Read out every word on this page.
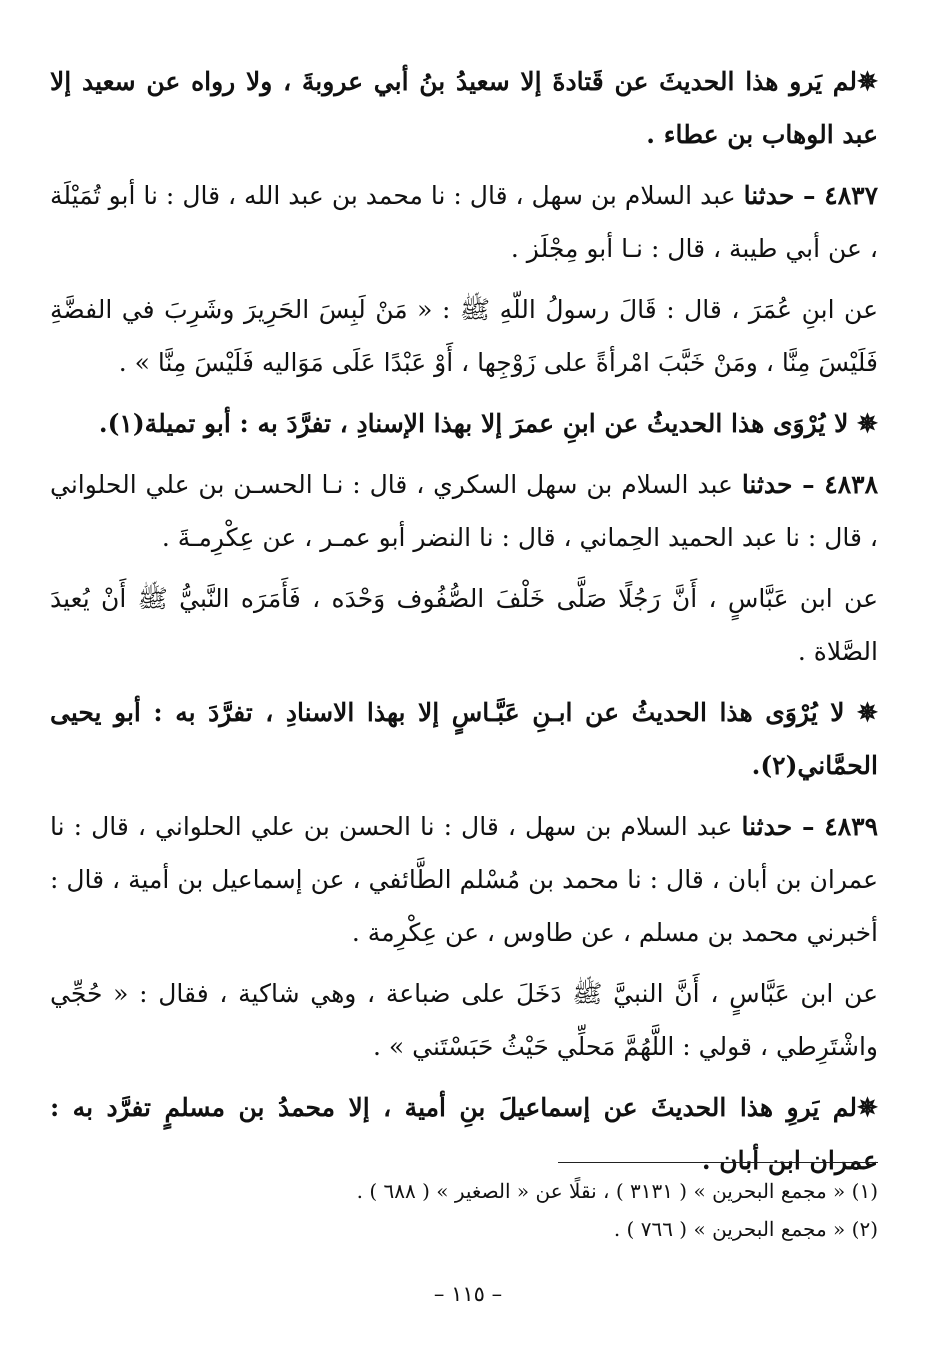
✵لم يَرو هذا الحديثَ عن قَتادةَ إلا سعيدُ بنُ أبي عروبةَ ، ولا رواه عن سعيد إلا عبد الوهاب بن عطاء .

٤٨٣٧ – حدثنا عبد السلام بن سهل ، قال : نا محمد بن عبد الله ، قال : نا أبو تُمَيْلَة ، عن أبي طيبة ، قال : نـا أبو مِجْلَز .

عن ابنِ عُمَرَ ، قال : قَالَ رسولُ اللّهِ ﷺ : « مَنْ لَبِسَ الحَرِيرَ وشَرِبَ في الفضَّةِ فَلَيْسَ مِنَّا ، ومَنْ خَبَّبَ امْرأةً على زَوْجِها ، أَوْ عَبْدًا عَلَى مَوَاليه فَلَيْسَ مِنَّا » .

✵ لا يُرْوَى هذا الحديثُ عن ابنِ عمرَ إلا بهذا الإسنادِ ، تفرَّدَ به : أبو تميلة(١).

٤٨٣٨ – حدثنا عبد السلام بن سهل السكري ، قال : نـا الحسـن بن علي الحلواني ، قال : نا عبد الحميد الحِماني ، قال : نا النضر أبو عمـر ، عن عِكْرِمـةَ .

عن ابن عَبَّاسٍ ، أَنَّ رَجُلًا صَلَّى خَلْفَ الصُّفُوف وَحْدَه ، فَأَمَرَه النَّبيُّ ﷺ أَنْ يُعيدَ الصَّلاة .

✵ لا يُرْوَى هذا الحديثُ عن ابـنِ عَبَّـاسٍ إلا بهذا الاسنادِ ، تفرَّدَ به : أبو يحيى الحمَّاني(٢).

٤٨٣٩ – حدثنا عبد السلام بن سهل ، قال : نا الحسن بن علي الحلواني ، قال : نا عمران بن أبان ، قال : نا محمد بن مُسْلم الطَّائفي ، عن إسماعيل بن أمية ، قال : أخبرني محمد بن مسلم ، عن طاوس ، عن عِكْرِمة .

عن ابن عَبَّاسٍ ، أَنَّ النبيَّ ﷺ دَخَلَ على ضباعة ، وهي شاكية ، فقال : « حُجِّي واشْتَرِطي ، قولي : اللَّهُمَّ مَحلِّي حَيْثُ حَبَسْتَني » .

✵لم يَروِ هذا الحديثَ عن إسماعيلَ بنِ أمية ، إلا محمدُ بن مسلمٍ تفرَّد به : عمران ابن أبان .

(١) « مجمع البحرين » ( ٣١٣١ ) ، نقلًا عن « الصغير » ( ٦٨٨ ) .

(٢) « مجمع البحرين » ( ٧٦٦ ) .

– ١١٥ –
